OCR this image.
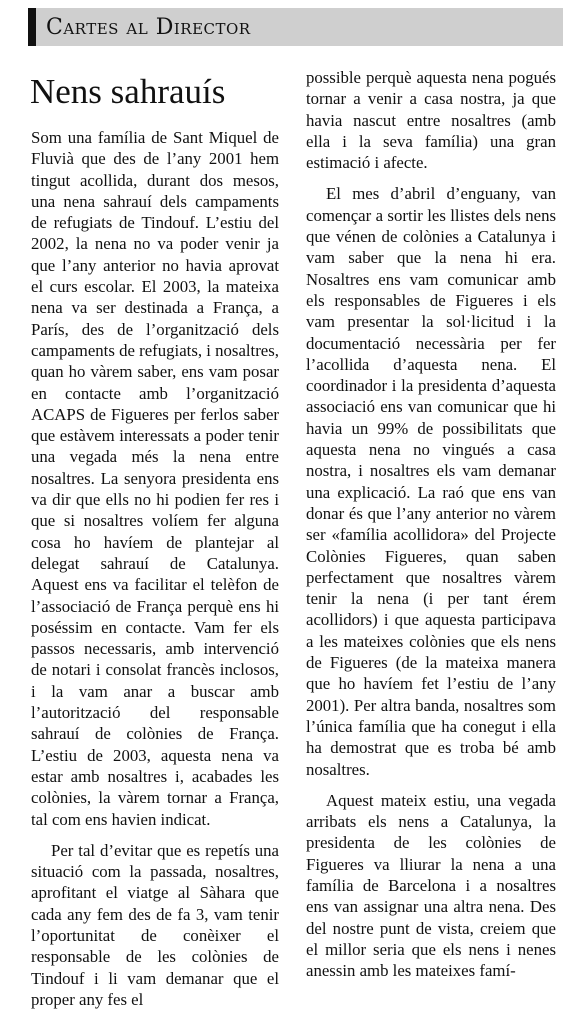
Cartes al Director
Nens sahrauís

Som una família de Sant Miquel de Fluvià que des de l’any 2001 hem tingut acollida, durant dos mesos, una nena sahrauí dels campaments de refugiats de Tindouf. L’estiu del 2002, la nena no va poder venir ja que l’any anterior no havia aprovat el curs escolar. El 2003, la mateixa nena va ser destinada a França, a París, des de l’organització dels campaments de refugiats, i nosaltres, quan ho vàrem saber, ens vam posar en contacte amb l’organització ACAPS de Figueres per ferlos saber que estàvem interessats a poder tenir una vegada més la nena entre nosaltres. La senyora presidenta ens va dir que ells no hi podien fer res i que si nosaltres volíem fer alguna cosa ho havíem de plantejar al delegat sahrauí de Catalunya. Aquest ens va facilitar el telèfon de l’associació de França perquè ens hi poséssim en contacte. Vam fer els passos necessaris, amb intervenció de notari i consolat francès inclosos, i la vam anar a buscar amb l’autorització del responsable sahrauí de colònies de França. L’estiu de 2003, aquesta nena va estar amb nosaltres i, acabades les colònies, la vàrem tornar a França, tal com ens havien indicat.

Per tal d’evitar que es repetís una situació com la passada, nosaltres, aprofitant el viatge al Sàhara que cada any fem des de fa 3, vam tenir l’oportunitat de conèixer el responsable de les colònies de Tindouf i li vam demanar que el proper any fes el

possible perquè aquesta nena pogués tornar a venir a casa nostra, ja que havia nascut entre nosaltres (amb ella i la seva família) una gran estimació i afecte.

El mes d’abril d’enguany, van començar a sortir les llistes dels nens que vénen de colònies a Catalunya i vam saber que la nena hi era. Nosaltres ens vam comunicar amb els responsables de Figueres i els vam presentar la sol·licitud i la documentació necessària per fer l’acollida d’aquesta nena. El coordinador i la presidenta d’aquesta associació ens van comunicar que hi havia un 99% de possibilitats que aquesta nena no vingués a casa nostra, i nosaltres els vam demanar una explicació. La raó que ens van donar és que l’any anterior no vàrem ser «família acollidora» del Projecte Colònies Figueres, quan saben perfectament que nosaltres vàrem tenir la nena (i per tant érem acollidors) i que aquesta participava a les mateixes colònies que els nens de Figueres (de la mateixa manera que ho havíem fet l’estiu de l’any 2001). Per altra banda, nosaltres som l’única família que ha conegut i ella ha demostrat que es troba bé amb nosaltres.

Aquest mateix estiu, una vegada arribats els nens a Catalunya, la presidenta de les colònies de Figueres va lliurar la nena a una família de Barcelona i a nosaltres ens van assignar una altra nena. Des del nostre punt de vista, creiem que el millor seria que els nens i nenes anessin amb les mateixes famí-
